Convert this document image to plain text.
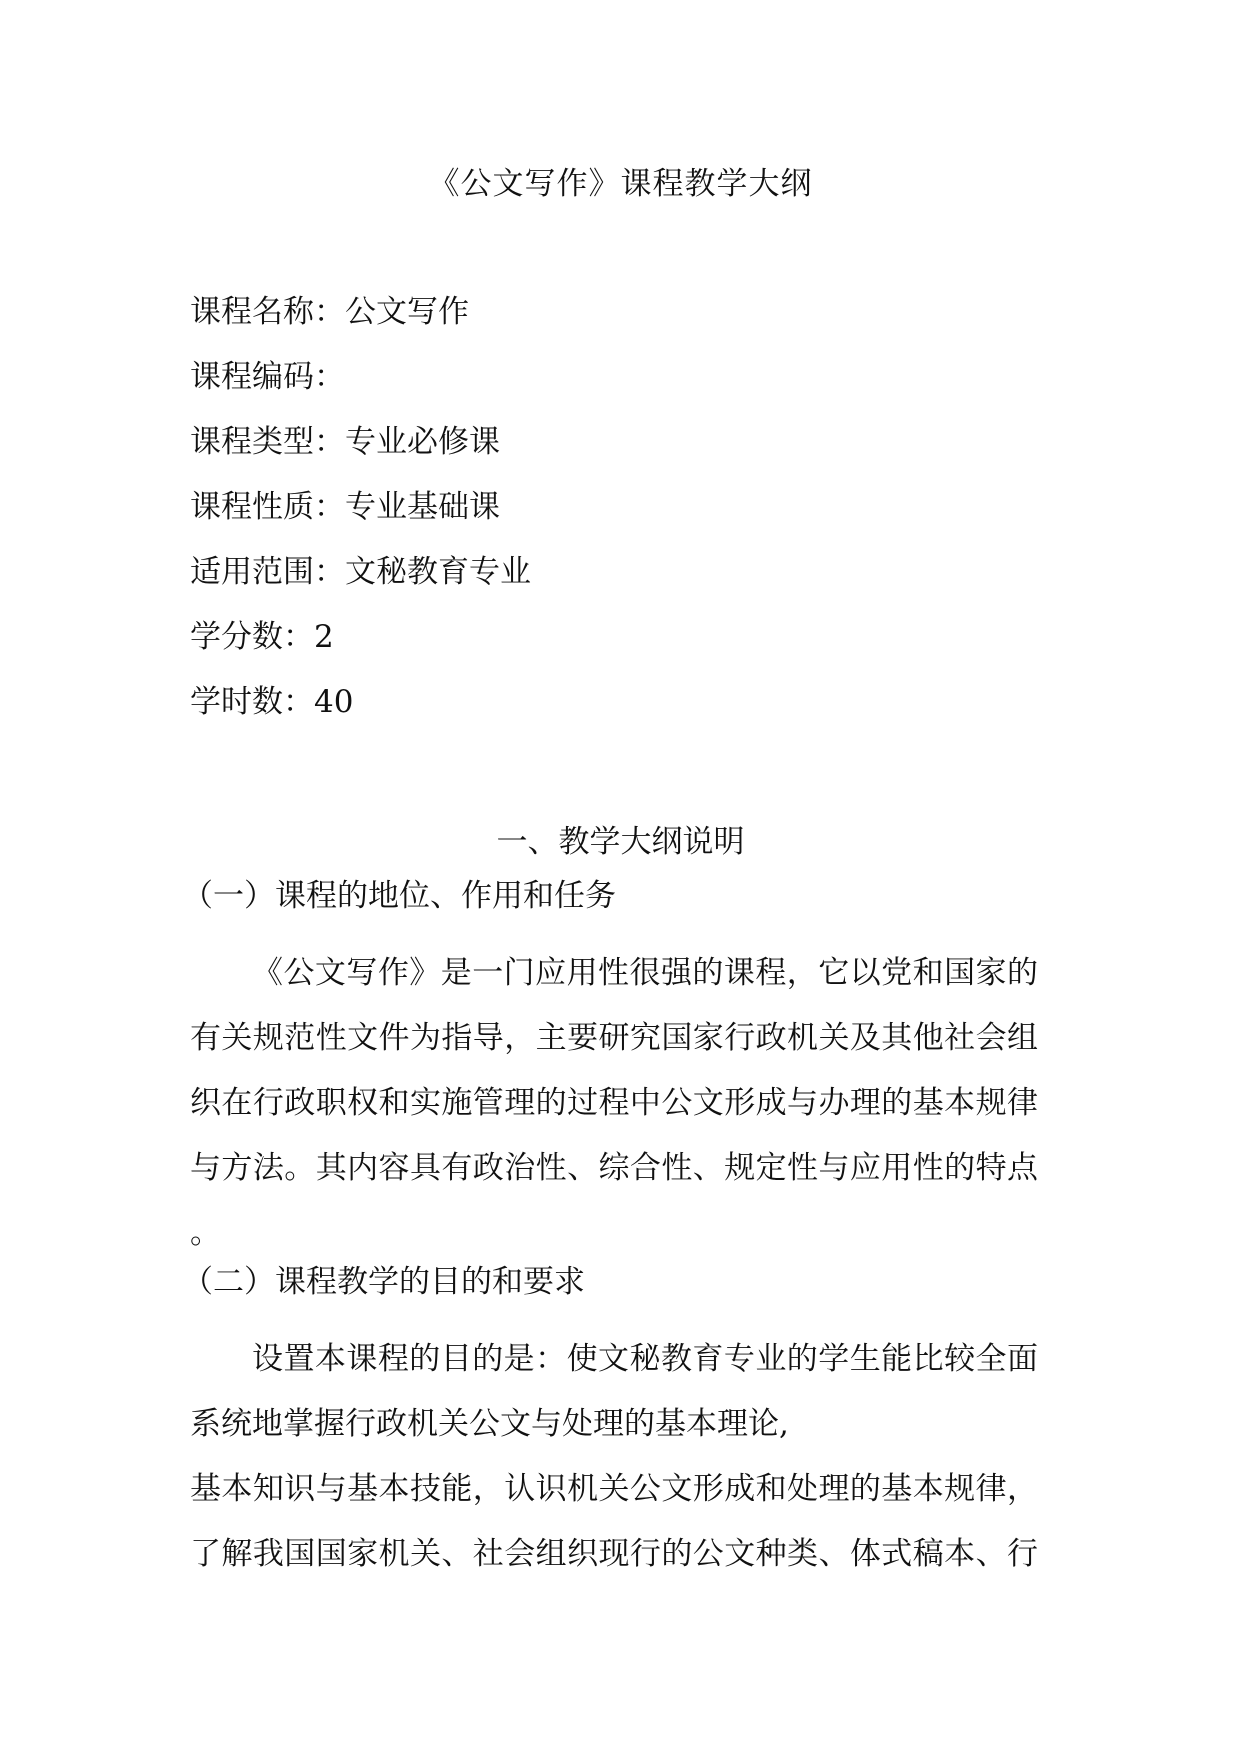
《公文写作》课程教学大纲
课程名称：公文写作
课程编码：
课程类型：专业必修课
课程性质：专业基础课
适用范围：文秘教育专业
学分数：2
学时数：40
一、教学大纲说明
（一）课程的地位、作用和任务

《公文写作》是一门应用性很强的课程，它以党和国家的

有关规范性文件为指导，主要研究国家行政机关及其他社会组

织在行政职权和实施管理的过程中公文形成与办理的基本规律

与方法。其内容具有政治性、综合性、规定性与应用性的特点

。

（二）课程教学的目的和要求

设置本课程的目的是：使文秘教育专业的学生能比较全面

系统地掌握行政机关公文与处理的基本理论,

基本知识与基本技能，认识机关公文形成和处理的基本规律，

了解我国国家机关、社会组织现行的公文种类、体式稿本、行
